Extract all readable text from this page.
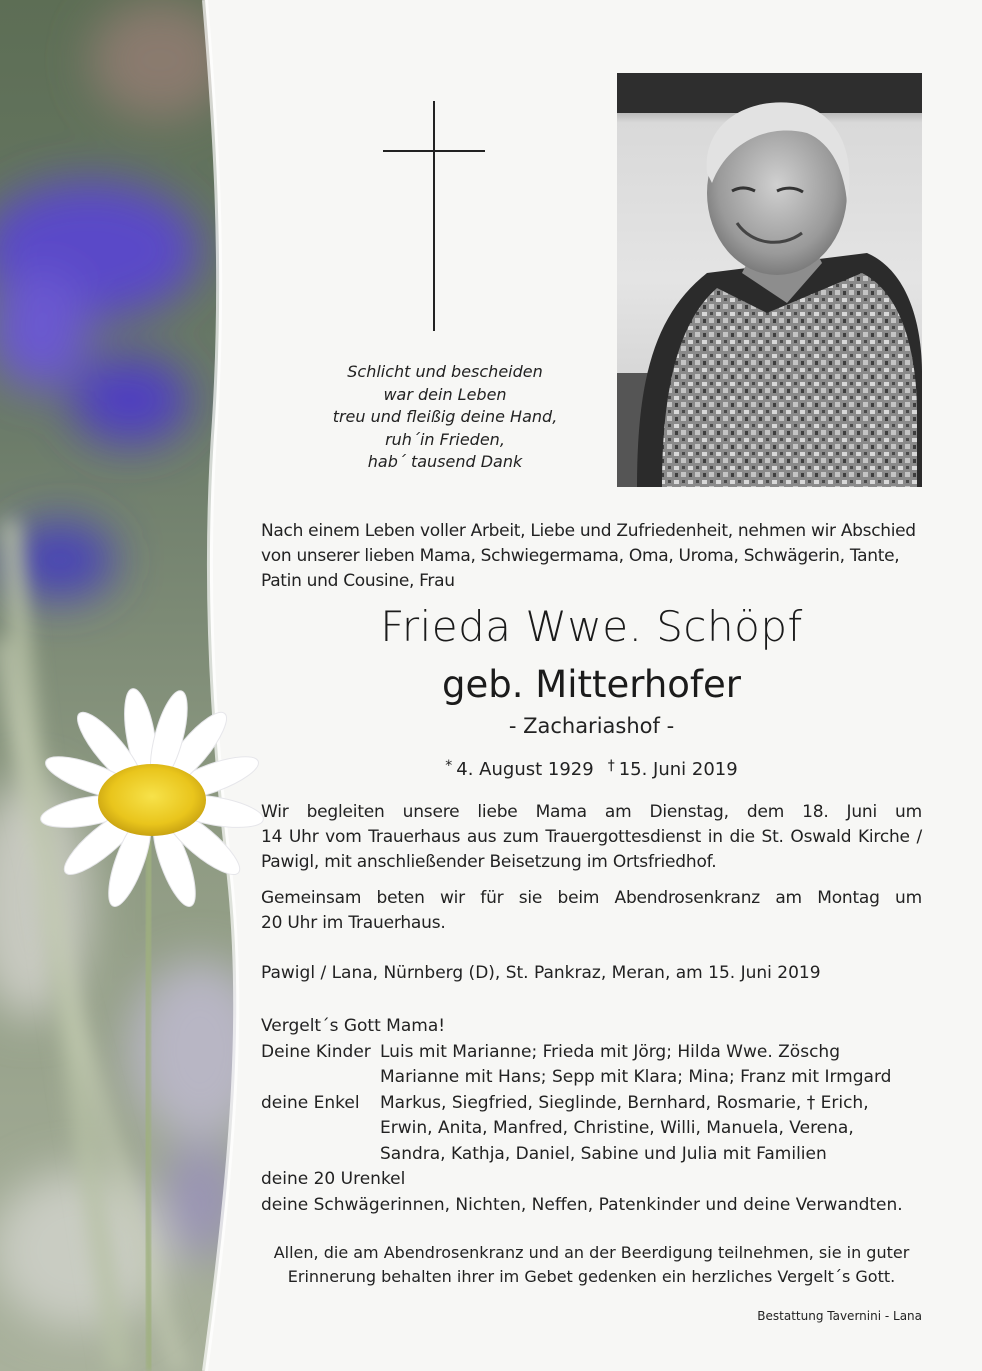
Schlicht und bescheiden
war dein Leben
treu und fleißig deine Hand,
ruh´in Frieden,
hab´ tausend Dank
Nach einem Leben voller Arbeit, Liebe und Zufriedenheit, nehmen wir Abschied
von unserer lieben Mama, Schwiegermama, Oma, Uroma, Schwägerin, Tante,
Patin und Cousine, Frau
Frieda Wwe. Schöpf
geb. Mitterhofer
- Zachariashof -
* 4. August 1929 † 15. Juni 2019
Wir begleiten unsere liebe Mama am Dienstag, dem 18. Juni um
14 Uhr vom Trauerhaus aus zum Trauergottesdienst in die St. Oswald Kirche /
Pawigl, mit anschließender Beisetzung im Ortsfriedhof.
Gemeinsam beten wir für sie beim Abendrosenkranz am Montag um
20 Uhr im Trauerhaus.
Pawigl / Lana, Nürnberg (D), St. Pankraz, Meran, am 15. Juni 2019
Vergelt´s Gott Mama!
Deine Kinder Luis mit Marianne; Frieda mit Jörg; Hilda Wwe. Zöschg
Marianne mit Hans; Sepp mit Klara; Mina; Franz mit Irmgard
deine Enkel Markus, Siegfried, Sieglinde, Bernhard, Rosmarie, † Erich,
Erwin, Anita, Manfred, Christine, Willi, Manuela, Verena,
Sandra, Kathja, Daniel, Sabine und Julia mit Familien
deine 20 Urenkel
deine Schwägerinnen, Nichten, Neffen, Patenkinder und deine Verwandten.
Allen, die am Abendrosenkranz und an der Beerdigung teilnehmen, sie in guter
Erinnerung behalten ihrer im Gebet gedenken ein herzliches Vergelt´s Gott.
Bestattung Tavernini - Lana
